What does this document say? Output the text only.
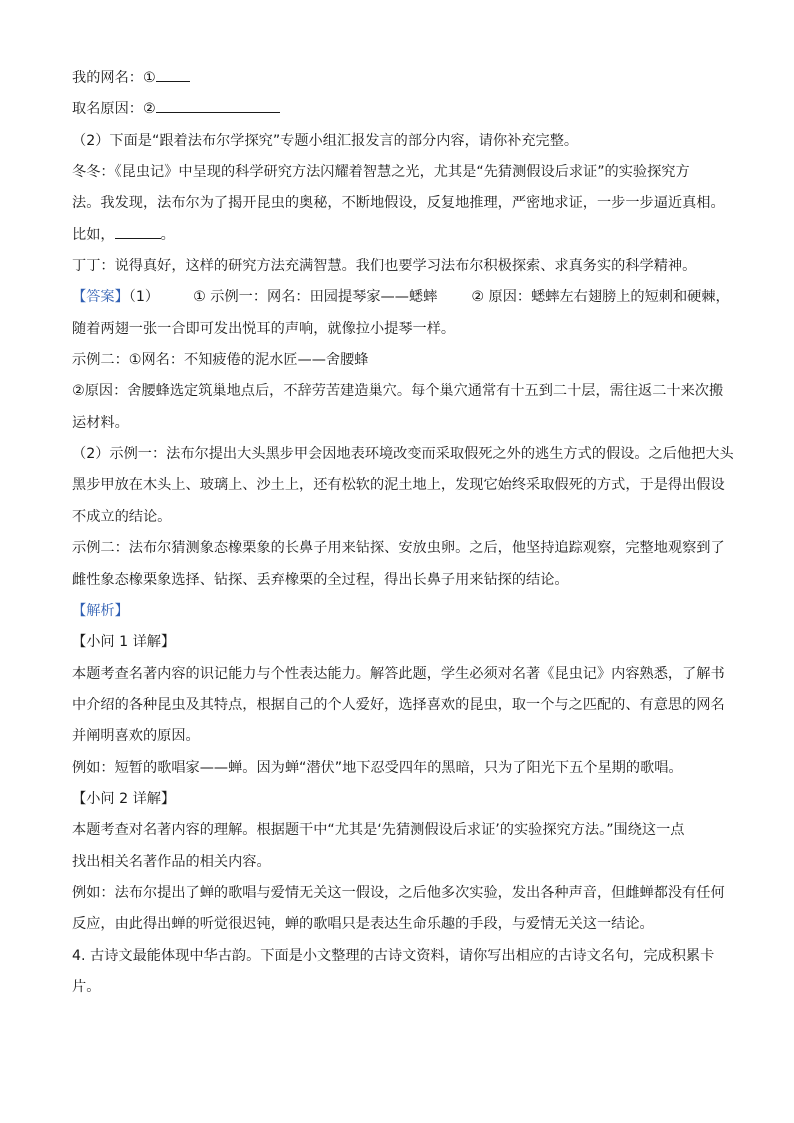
我的网名：①
取名原因：②
（2）下面是“跟着法布尔学探究”专题小组汇报发言的部分内容，请你补充完整。
冬冬：《昆虫记》中呈现的科学研究方法闪耀着智慧之光，尤其是“先猜测假设后求证”的实验探究方
法。我发现，法布尔为了揭开昆虫的奥秘，不断地假设，反复地推理，严密地求证，一步一步逼近真相。
比如，	。
丁丁：说得真好，这样的研究方法充满智慧。我们也要学习法布尔积极探索、求真务实的科学精神。
【答案】（1） ① 示例一：网名：田园提琴家——蟋蟀 ② 原因：蟋蟀左右翅膀上的短刺和硬棘，
随着两翅一张一合即可发出悦耳的声响，就像拉小提琴一样。
示例二：①网名：不知疲倦的泥水匠——舍腰蜂
②原因：舍腰蜂选定筑巢地点后，不辞劳苦建造巢穴。每个巢穴通常有十五到二十层，需往返二十来次搬
运材料。
（2）示例一：法布尔提出大头黑步甲会因地表环境改变而采取假死之外的逃生方式的假设。之后他把大头
黑步甲放在木头上、玻璃上、沙土上，还有松软的泥土地上，发现它始终采取假死的方式，于是得出假设
不成立的结论。
示例二：法布尔猜测象态橡栗象的长鼻子用来钻探、安放虫卵。之后，他坚持追踪观察，完整地观察到了
雌性象态橡栗象选择、钻探、丢弃橡栗的全过程，得出长鼻子用来钻探的结论。
【解析】
【小问 1 详解】
本题考查名著内容的识记能力与个性表达能力。解答此题，学生必须对名著《昆虫记》内容熟悉，了解书
中介绍的各种昆虫及其特点，根据自己的个人爱好，选择喜欢的昆虫，取一个与之匹配的、有意思的网名
并阐明喜欢的原因。
例如：短暂的歌唱家——蝉。因为蝉“潜伏”地下忍受四年的黑暗，只为了阳光下五个星期的歌唱。
【小问 2 详解】
本题考查对名著内容的理解。根据题干中“尤其是‘先猜测假设后求证’的实验探究方法。”围绕这一点
找出相关名著作品的相关内容。
例如：法布尔提出了蝉的歌唱与爱情无关这一假设，之后他多次实验，发出各种声音，但雌蝉都没有任何
反应，由此得出蝉的听觉很迟钝，蝉的歌唱只是表达生命乐趣的手段，与爱情无关这一结论。
4. 古诗文最能体现中华古韵。下面是小文整理的古诗文资料，请你写出相应的古诗文名句，完成积累卡
片。
